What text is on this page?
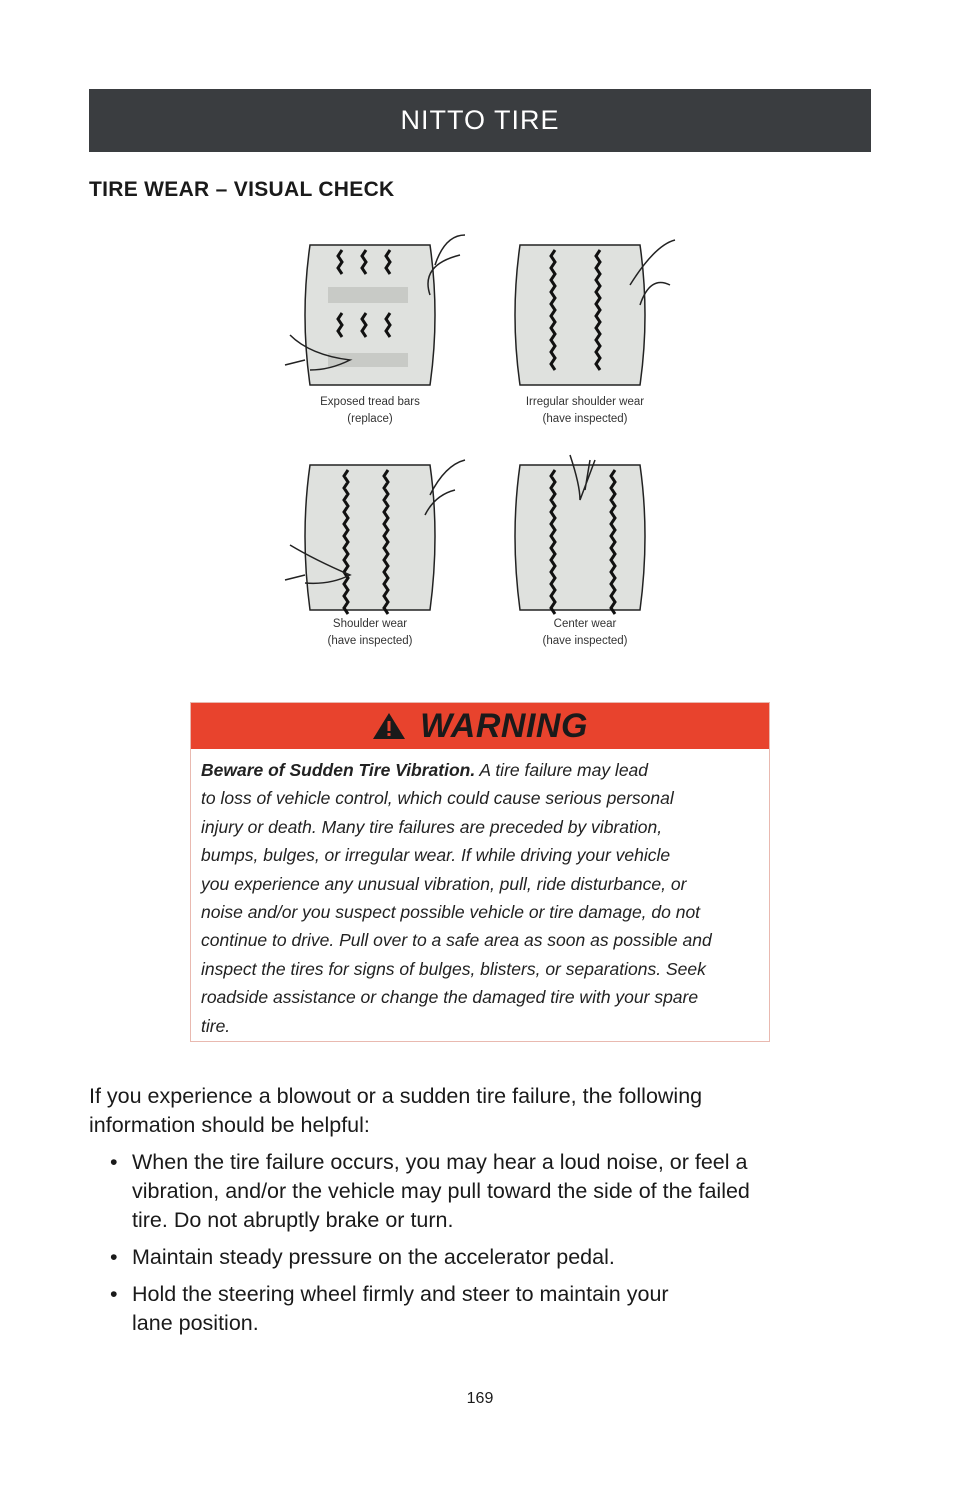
NITTO TIRE
TIRE WEAR – VISUAL CHECK
Exposed tread bars
(replace)
Irregular shoulder wear
(have inspected)
Shoulder wear
(have inspected)
Center wear
(have inspected)
WARNING
Beware of Sudden Tire Vibration. A tire failure may lead
to loss of vehicle control, which could cause serious personal
injury or death. Many tire failures are preceded by vibration,
bumps, bulges, or irregular wear. If while driving your vehicle
you experience any unusual vibration, pull, ride disturbance, or
noise and/or you suspect possible vehicle or tire damage, do not
continue to drive. Pull over to a safe area as soon as possible and
inspect the tires for signs of bulges, blisters, or separations. Seek
roadside assistance or change the damaged tire with your spare
tire.
If you experience a blowout or a sudden tire failure, the following
information should be helpful:
• When the tire failure occurs, you may hear a loud noise, or feel a
vibration, and/or the vehicle may pull toward the side of the failed
tire. Do not abruptly brake or turn.
• Maintain steady pressure on the accelerator pedal.
• Hold the steering wheel firmly and steer to maintain your
lane position.
169
